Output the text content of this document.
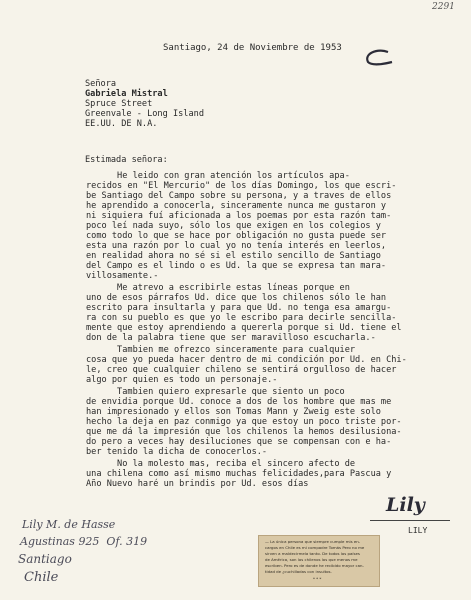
2291
Santiago, 24 de Noviembre de 1953
Señora
Gabriela Mistral
Spruce Street
Greenvale - Long Island
EE.UU. DE N.A.
Estimada señora:
He leido con gran atención los artículos apa-
recidos en "El Mercurio" de los días Domingo, los que escri-
be Santiago del Campo sobre su persona, y a traves de ellos
he aprendido a conocerla, sinceramente nunca me gustaron y
ni siquiera fuí aficionada a los poemas por esta razón tam-
poco leí nada suyo, sólo los que exigen en los colegios y
como todo lo que se hace por obligación no gusta puede ser
esta una razón por lo cual yo no tenía interés en leerlos,
en realidad ahora no sé si el estilo sencillo de Santiago
del Campo es el lindo o es Ud. la que se expresa tan mara-
villosamente.-
Me atrevo a escribirle estas líneas porque en
uno de esos párrafos Ud. dice que los chilenos sólo le han
escrito para insultarla y para que Ud. no tenga esa amargu-
ra con su pueblo es que yo le escribo para decirle sencilla-
mente que estoy aprendiendo a quererla porque si Ud. tiene el
don de la palabra tiene que ser maravilloso escucharla.-
Tambien me ofrezco sinceramente para cualquier
cosa que yo pueda hacer dentro de mi condición por Ud. en Chi-
le, creo que cualquier chileno se sentirá orgulloso de hacer
algo por quien es todo un personaje.-
Tambien quiero expresarle que siento un poco
de envidia porque Ud. conoce a dos de los hombre que mas me
han impresionado y ellos son Tomas Mann y Zweig este solo
hecho la deja en paz conmigo ya que estoy un poco triste por-
que me dá la impresión que los chilenos la hemos desilusiona-
do pero a veces hay desiluciones que se compensan con e ha-
ber tenido la dicha de conocerlos.-
No la molesto mas, reciba el sincero afecto de
una chilena como así mismo muchas felicidades,para Pascua y
Año Nuevo haré un brindis por Ud. esos días
Lily
LILY
Lily M. de Hasse
Agustinas 925  Of. 319
Santiago
Chile
— La única persona que siempre cumple mis en-
cargos en Chile es mi compadre Tomás Pero no me
sirven a maldecirmela tanto. De todos los países
de América, son los chilenos los que menos me
escriben. Pero es de donde he recibido mayor can-
tidad de ¿cuchilladas con insultos.
* * *
